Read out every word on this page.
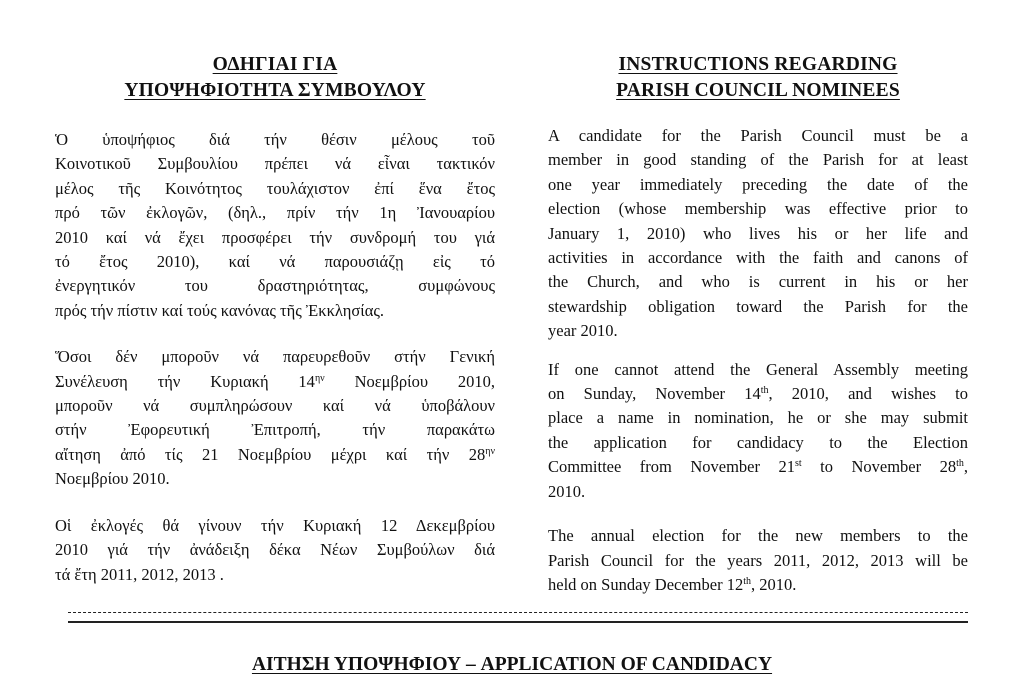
ΟΔΗΓΙΑΙ ΓΙΑ
ΥΠΟΨΗΦΙΟΤΗΤΑ ΣΥΜΒΟΥΛΟΥ

Ὁ ὑποψήφιος διά τήν θέσιν μέλους τοῦ
Κοινοτικοῦ Συμβουλίου πρέπει νά εἶναι τακτικόν
μέλος τῆς Κοινότητος τουλάχιστον ἐπί ἕνα ἔτος
πρό τῶν ἐκλογῶν, (δηλ., πρίν τήν 1η Ἰανουαρίου
2010 καί νά ἔχει προσφέρει τήν συνδρομή του γιά
τό ἔτος 2010), καί νά παρουσιάζῃ εἰς τό
ἐνεργητικόν του δραστηριότητας, συμφώνους
πρός τήν πίστιν καί τούς κανόνας τῆς Ἐκκλησίας.

Ὅσοι δέν μποροῦν νά παρευρεθοῦν στήν Γενική
Συνέλευση τήν Κυριακή $14^{\eta\nu}$ Νοεμβρίου 2010,
μποροῦν νά συμπληρώσουν καί νά ὑποβάλουν
στήν Ἐφορευτική Ἐπιτροπή, τήν παρακάτω
αἴτηση ἀπό τίς 21 Νοεμβρίου μέχρι καί τήν $28^{\eta\nu}$
Νοεμβρίου 2010.

Οἱ ἐκλογές θά γίνουν τήν Κυριακή 12 Δεκεμβρίου
2010 γιά τήν ἀνάδειξη δέκα Νέων Συμβούλων διά
τά ἔτη 2011, 2012, 2013 .

INSTRUCTIONS REGARDING
PARISH COUNCIL NOMINEES

A candidate for the Parish Council must be a
member in good standing of the Parish for at least
one year immediately preceding the date of the
election (whose membership was effective prior to
January 1, 2010) who lives his or her life and
activities in accordance with the faith and canons of
the Church, and who is current in his or her
stewardship obligation toward the Parish for the
year 2010.

If one cannot attend the General Assembly meeting
on Sunday, November 14th, 2010, and wishes to
place a name in nomination, he or she may submit
the application for candidacy to the Election
Committee from November 21st to November 28th,
2010.

The annual election for the new members to the
Parish Council for the years 2011, 2012, 2013 will be
held on Sunday December 12th, 2010.

ΑΙΤΗΣΗ ΥΠΟΨΗΦΙΟΥ – APPLICATION OF CANDIDACY
